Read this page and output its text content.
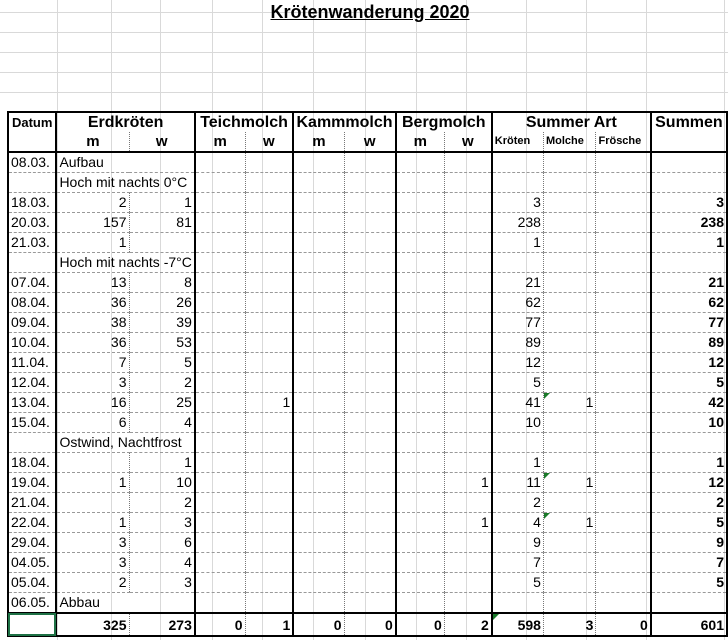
Krötenwanderung 2020
Datum	Erdkröten		Teichmolch		Kammmolch		Bergmolch		Summer Art			Summen
	m	w	m	w	m	w	m	w	Kröten	Molche	Frösche	
08.03.	Aufbau											
	Hoch mit nachts 0°C											
18.03.	2	1							3			3
20.03.	157	81							238			238
21.03.	1								1			1
	Hoch mit nachts -7°C											
07.04.	13	8							21			21
08.04.	36	26							62			62
09.04.	38	39							77			77
10.04.	36	53							89			89
11.04.	7	5							12			12
12.04.	3	2							5			5
13.04.	16	25		1					41	1		42
15.04.	6	4							10			10
	Ostwind, Nachtfrost											
18.04.		1							1			1
19.04.	1	10						1	11	1		12
21.04.		2							2			2
22.04.	1	3						1	4	1		5
29.04.	3	6							9			9
04.05.	3	4							7			7
05.04.	2	3							5			5
06.05.	Abbau											
	325	273	0	1	0	0	0	2	598	3	0	601
